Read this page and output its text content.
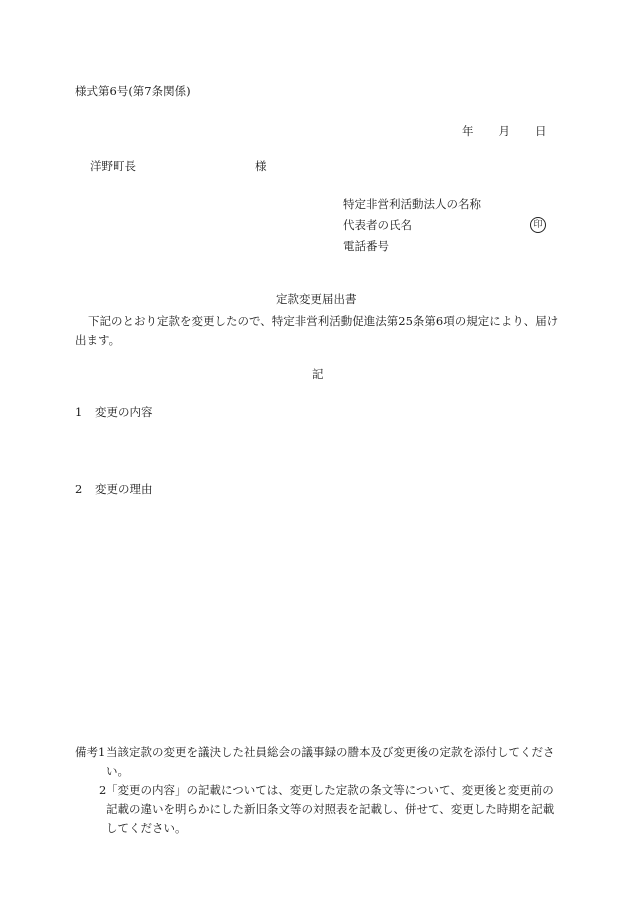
様式第6号(第7条関係)
年 月 日
洋野町長	様
特定非営利活動法人の名称
代表者の氏名
電話番号
印
定款変更届出書
下記のとおり定款を変更したので、特定非営利活動促進法第25条第6項の規定により、届け出ます。
記
1 変更の内容
2 変更の理由
備考1 当該定款の変更を議決した社員総会の議事録の謄本及び変更後の定款を添付してください。
2 「変更の内容」の記載については、変更した定款の条文等について、変更後と変更前の記載の違いを明らかにした新旧条文等の対照表を記載し、併せて、変更した時期を記載してください。
